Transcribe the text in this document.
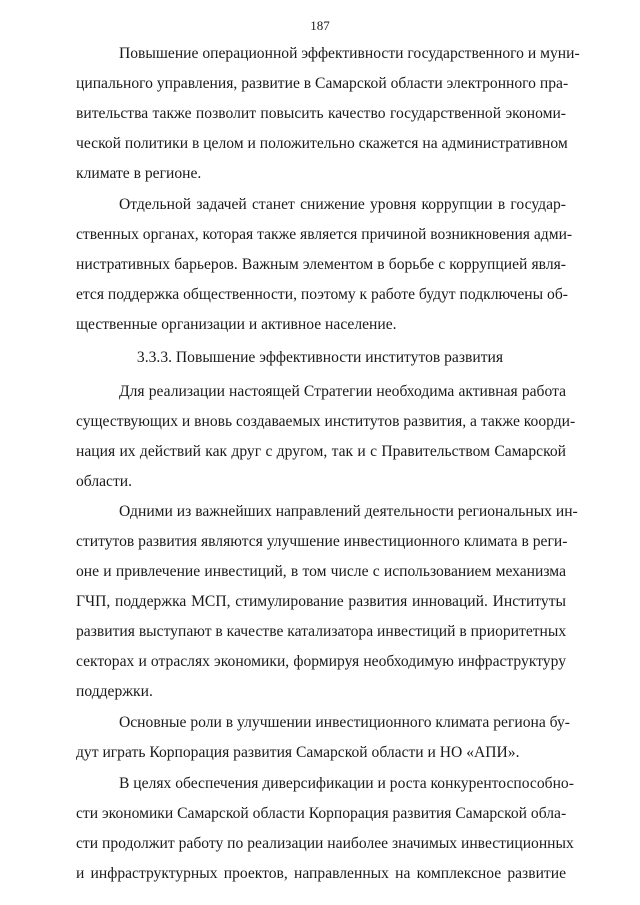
187
Повышение операционной эффективности государственного и муни-
ципального управления, развитие в Самарской области электронного пра-
вительства также позволит повысить качество государственной экономи-
ческой политики в целом и положительно скажется на административном
климате в регионе.
Отдельной задачей станет снижение уровня коррупции в государ-
ственных органах, которая также является причиной возникновения адми-
нистративных барьеров. Важным элементом в борьбе с коррупцией явля-
ется поддержка общественности, поэтому к работе будут подключены об-
щественные организации и активное население.
3.3.3. Повышение эффективности институтов развития
Для реализации настоящей Стратегии необходима активная работа
существующих и вновь создаваемых институтов развития, а также коорди-
нация их действий как друг с другом, так и с Правительством Самарской
области.
Одними из важнейших направлений деятельности региональных ин-
ститутов развития являются улучшение инвестиционного климата в реги-
оне и привлечение инвестиций, в том числе с использованием механизма
ГЧП, поддержка МСП, стимулирование развития инноваций. Институты
развития выступают в качестве катализатора инвестиций в приоритетных
секторах и отраслях экономики, формируя необходимую инфраструктуру
поддержки.
Основные роли в улучшении инвестиционного климата региона бу-
дут играть Корпорация развития Самарской области и НО «АПИ».
В целях обеспечения диверсификации и роста конкурентоспособно-
сти экономики Самарской области Корпорация развития Самарской обла-
сти продолжит работу по реализации наиболее значимых инвестиционных
и инфраструктурных проектов, направленных на комплексное развитие
